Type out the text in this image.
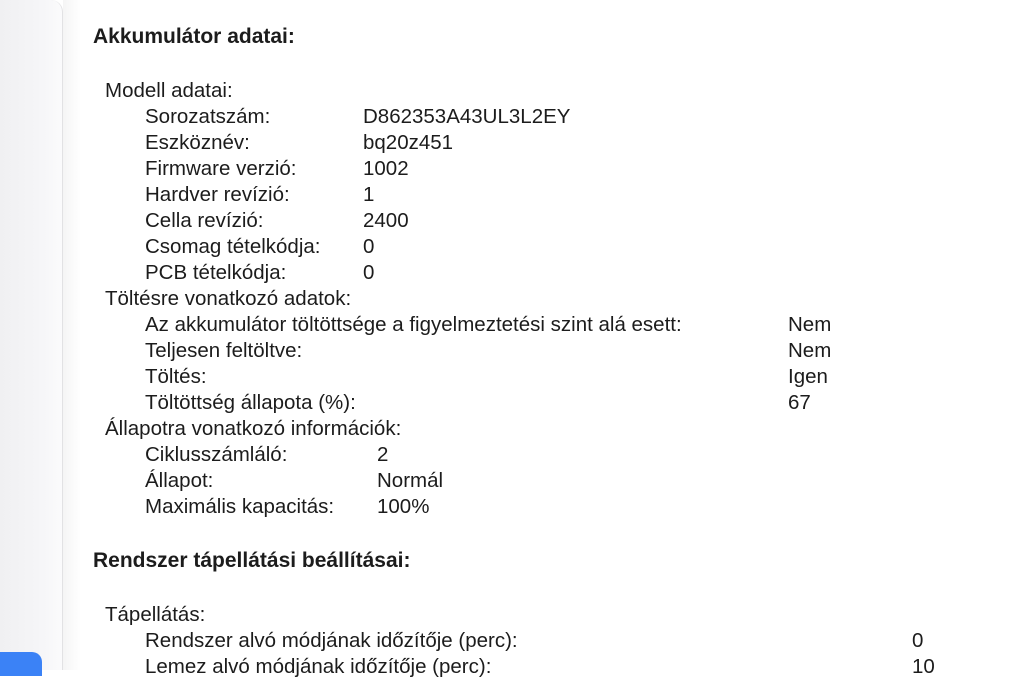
Akkumulátor adatai:
Modell adatai:
Sorozatszám:	D862353A43UL3L2EY
Eszköznév:	bq20z451
Firmware verzió:	1002
Hardver revízió:	1
Cella revízió:	2400
Csomag tételkódja: 0
PCB tételkódja:	0
Töltésre vonatkozó adatok:
Az akkumulátor töltöttsége a figyelmeztetési szint alá esett:	Nem
Teljesen feltöltve:	Nem
Töltés:	Igen
Töltöttség állapota (%):	67
Állapotra vonatkozó információk:
Ciklusszámláló:	2
Állapot:	Normál
Maximális kapacitás: 100%
Rendszer tápellátási beállításai:
Tápellátás:
Rendszer alvó módjának időzítője (perc):	0
Lemez alvó módjának időzítője (perc):	10
